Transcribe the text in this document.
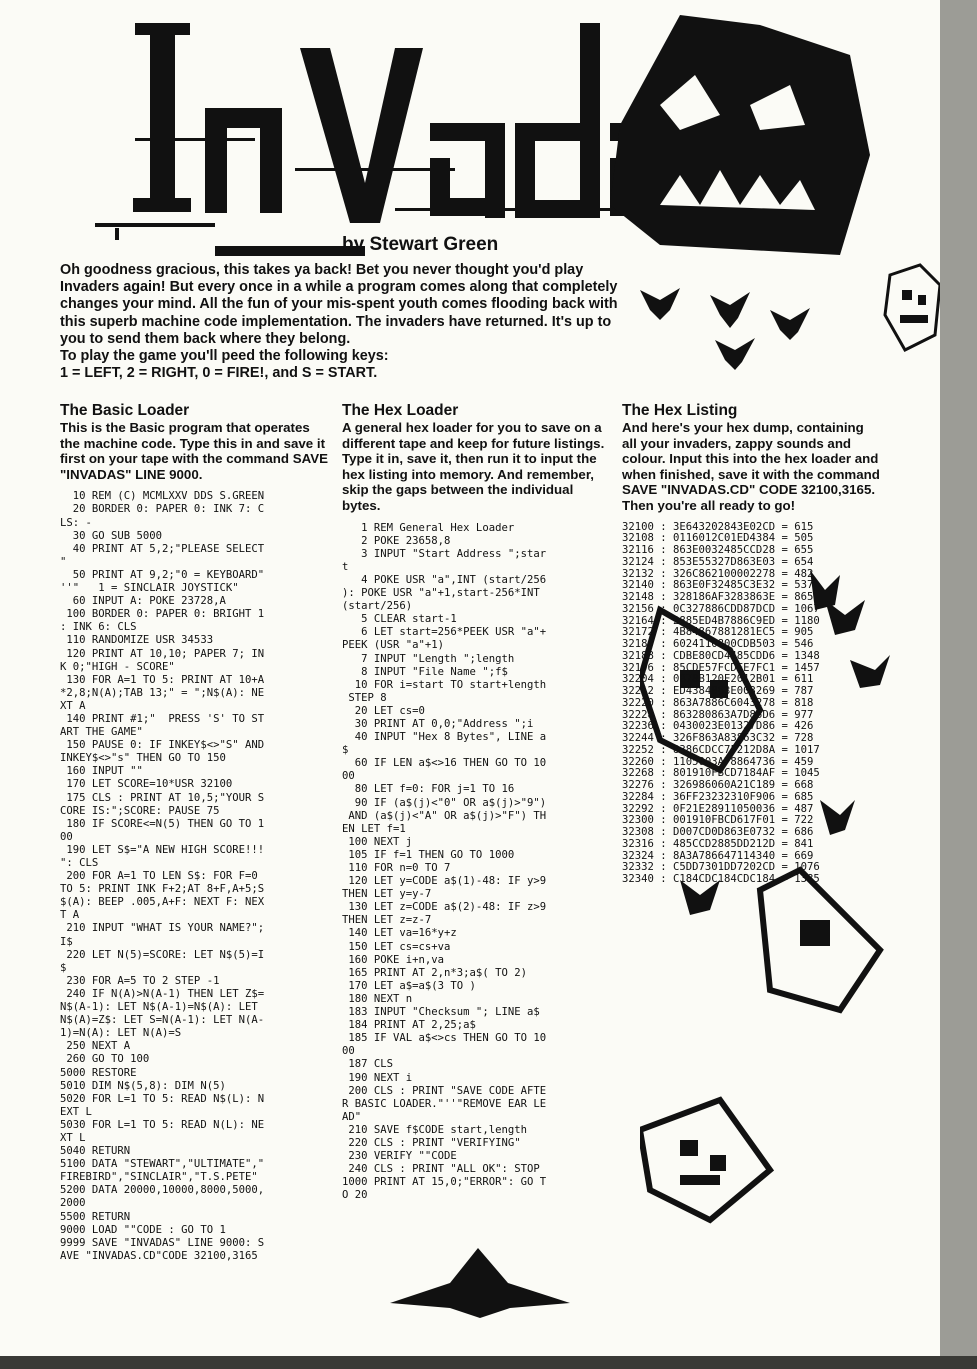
by Stewart Green
Oh goodness gracious, this takes ya back! Bet you never thought you'd play Invaders again! But every once in a while a program comes along that completely changes your mind. All the fun of your mis-spent youth comes flooding back with this superb machine code implementation. The invaders have returned. It's up to you to send them back where they belong.
To play the game you'll peed the following keys:
1 = LEFT, 2 = RIGHT, 0 = FIRE!, and S = START.
The Basic Loader
This is the Basic program that operates the machine code. Type this in and save it first on your tape with the command SAVE "INVADAS" LINE 9000.
10 REM (C) MCMLXXV DDS S.GREEN
20 BORDER 0: PAPER 0: INK 7: C
LS: -
30 GO SUB 5000
40 PRINT AT 5,2;"PLEASE SELECT
"
50 PRINT AT 9,2;"0 = KEYBOARD"
''"   1 = SINCLAIR JOYSTICK"
60 INPUT A: POKE 23728,A
100 BORDER 0: PAPER 0: BRIGHT 1
: INK 6: CLS
110 RANDOMIZE USR 34533
120 PRINT AT 10,10; PAPER 7; IN
K 0;"HIGH - SCORE"
130 FOR A=1 TO 5: PRINT AT 10+A
*2,8;N(A);TAB 13;" = ";N$(A): NE
XT A
140 PRINT #1;"  PRESS 'S' TO ST
ART THE GAME"
150 PAUSE 0: IF INKEY$<>"S" AND
INKEY$<>"s" THEN GO TO 150
160 INPUT ""
170 LET SCORE=10*USR 32100
175 CLS : PRINT AT 10,5;"YOUR S
CORE IS:";SCORE: PAUSE 75
180 IF SCORE<=N(5) THEN GO TO 1
00
190 LET S$="A NEW HIGH SCORE!!!
": CLS
200 FOR A=1 TO LEN S$: FOR F=0
TO 5: PRINT INK F+2;AT 8+F,A+5;S
$(A): BEEP .005,A+F: NEXT F: NEX
T A
210 INPUT "WHAT IS YOUR NAME?";
I$
220 LET N(5)=SCORE: LET N$(5)=I
$
230 FOR A=5 TO 2 STEP -1
240 IF N(A)>N(A-1) THEN LET Z$=
N$(A-1): LET N$(A-1)=N$(A): LET
N$(A)=Z$: LET S=N(A-1): LET N(A-
1)=N(A): LET N(A)=S
250 NEXT A
260 GO TO 100
5000 RESTORE
5010 DIM N$(5,8): DIM N(5)
5020 FOR L=1 TO 5: READ N$(L): N
EXT L
5030 FOR L=1 TO 5: READ N(L): NE
XT L
5040 RETURN
5100 DATA "STEWART","ULTIMATE","
FIREBIRD","SINCLAIR","T.S.PETE"
5200 DATA 20000,10000,8000,5000,
2000
5500 RETURN
9000 LOAD ""CODE : GO TO 1
9999 SAVE "INVADAS" LINE 9000: S
AVE "INVADAS.CD"CODE 32100,3165
The Hex Loader
A general hex loader for you to save on a different tape and keep for future listings. Type it in, save it, then run it to input the hex listing into memory. And remember, skip the gaps between the individual bytes.
1 REM General Hex Loader
2 POKE 23658,8
3 INPUT "Start Address ";star
t
4 POKE USR "a",INT (start/256
): POKE USR "a"+1,start-256*INT
(start/256)
5 CLEAR start-1
6 LET start=256*PEEK USR "a"+
PEEK (USR "a"+1)
7 INPUT "Length ";length
8 INPUT "File Name ";f$
10 FOR i=start TO start+length
STEP 8
20 LET cs=0
30 PRINT AT 0,0;"Address ";i
40 INPUT "Hex 8 Bytes", LINE a
$
60 IF LEN a$<>16 THEN GO TO 10
00
80 LET f=0: FOR j=1 TO 16
90 IF (a$(j)<"0" OR a$(j)>"9")
AND (a$(j)<"A" OR a$(j)>"F") TH
EN LET f=1
100 NEXT j
105 IF f=1 THEN GO TO 1000
110 FOR n=0 TO 7
120 LET y=CODE a$(1)-48: IF y>9
THEN LET y=y-7
130 LET z=CODE a$(2)-48: IF z>9
THEN LET z=z-7
140 LET va=16*y+z
150 LET cs=cs+va
160 POKE i+n,va
165 PRINT AT 2,n*3;a$( TO 2)
170 LET a$=a$(3 TO )
180 NEXT n
183 INPUT "Checksum "; LINE a$
184 PRINT AT 2,25;a$
185 IF VAL a$<>cs THEN GO TO 10
00
187 CLS
190 NEXT i
200 CLS : PRINT "SAVE CODE AFTE
R BASIC LOADER."''"REMOVE EAR LE
AD"
210 SAVE f$CODE start,length
220 CLS : PRINT "VERIFYING"
230 VERIFY ""CODE
240 CLS : PRINT "ALL OK": STOP
1000 PRINT AT 15,0;"ERROR": GO T
O 20
The Hex Listing
And here's your hex dump, containing all your invaders, zappy sounds and colour. Input this into the hex loader and when finished, save it with the command SAVE "INVADAS.CD" CODE 32100,3165. Then you're all ready to go!
32100 : 3E643202843E02CD = 615
32108 : 0116012C01ED4384 = 505
32116 : 863E0032485CCD28 = 655
32124 : 853E55327D863E03 = 654
32132 : 326C862100002278 = 482
32140 : 863E0F32485C3E32 = 537
32148 : 328186AF3283863E = 865
32156 : 0C327886CDD87DCD = 1067
32164 : 2885ED4B7886C9ED = 1180
32172 : 4B84867881281EC5 = 905
32180 : 6024110800CDB503 = 546
32188 : CDBE80CD4485CDD6 = 1348
32196 : 85CDE57FCDEE7FC1 = 1457
32204 : 0B78B120E2012B01 = 611
32212 : ED4384863E003269 = 787
32220 : 863A7886C6043278 = 818
32228 : 863280863A7D86D6 = 977
32236 : 0430023E01327D86 = 426
32244 : 326F863A83863C32 = 728
32252 : 8386CDCC7F212D8A = 1017
32260 : 1105003A78864736 = 459
32268 : 801910FBCD7184AF = 1045
32276 : 326986060A21C189 = 668
32284 : 36FF23232310F906 = 685
32292 : 0F21E28911050036 = 487
32300 : 001910FBCD617F01 = 722
32308 : D007CD0D863E0732 = 686
32316 : 485CCD2885DD212D = 841
32324 : 8A3A786647114340 = 669
32332 : C5DD7301DD7202CD = 1076
32340 : C184CDC184CDC184 = 1385
